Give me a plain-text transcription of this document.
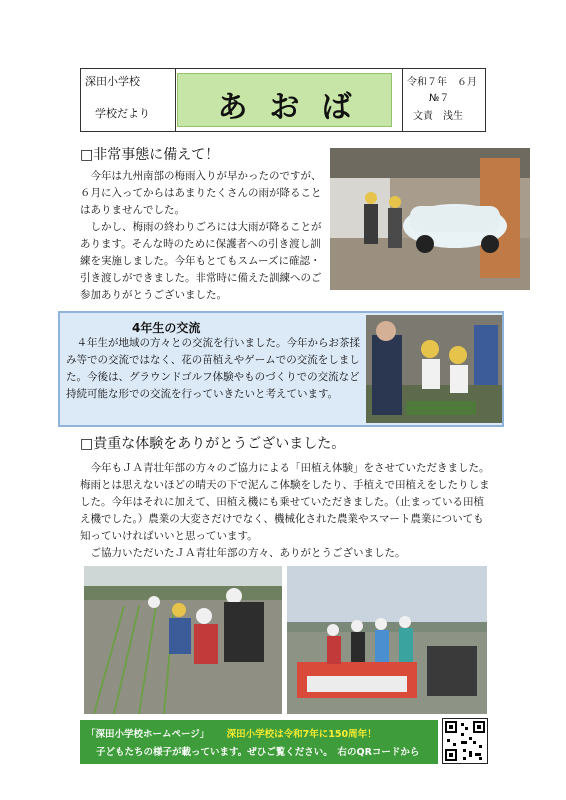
深田小学校
学校だより	あおば
令和７年　６月
№７
文責　浅生
□非常事態に備えて！

今年は九州南部の梅雨入りが早かったのですが、６月に入ってからはあまりたくさんの雨が降ることはありませんでした。

しかし、梅雨の終わりごろには大雨が降ることがあります。そんな時のために保護者への引き渡し訓練を実施しました。今年もとてもスムーズに確認・引き渡しができました。非常時に備えた訓練へのご参加ありがとうございました。

4年生の交流

４年生が地域の方々との交流を行いました。今年からお茶揉み等での交流ではなく、花の苗植えやゲームでの交流をしました。今後は、グラウンドゴルフ体験やものづくりでの交流など持続可能な形での交流を行っていきたいと考えています。

□貴重な体験をありがとうございました。

今年もＪＡ青壮年部の方々のご協力による「田植え体験」をさせていただきました。梅雨とは思えないほどの晴天の下で泥んこ体験をしたり、手植えで田植えをしたりしました。今年はそれに加えて、田植え機にも乗せていただきました。（止まっている田植え機でした。）農業の大変さだけでなく、機械化された農業やスマート農業についても知っていければいいと思っています。

ご協力いただいたＪＡ青壮年部の方々、ありがとうございました。

「深田小学校ホームページ」 深田小学校は令和7年に150周年！
子どもたちの様子が載っています。ぜひご覧ください。　右のQRコードから
